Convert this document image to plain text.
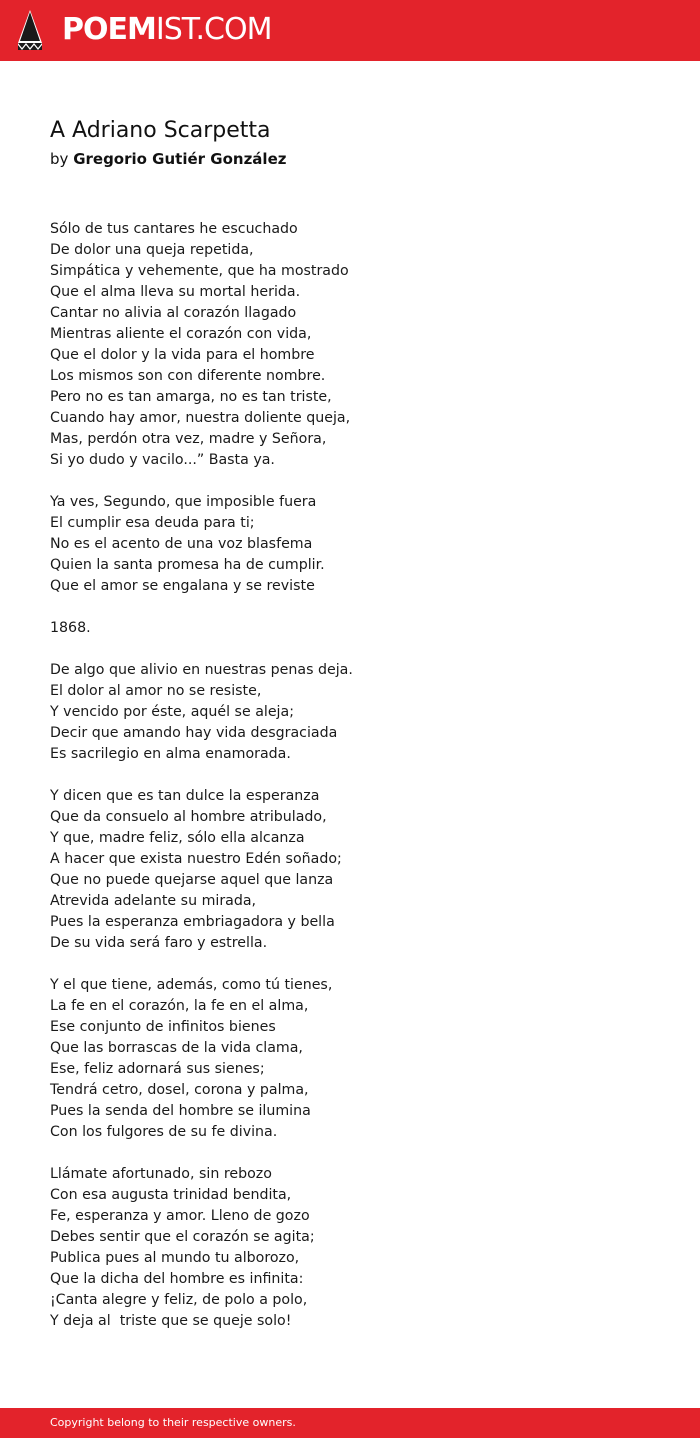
POEMIST.COM
A Adriano Scarpetta
by Gregorio Gutiér González
Sólo de tus cantares he escuchado
De dolor una queja repetida,
Simpática y vehemente, que ha mostrado
Que el alma lleva su mortal herida.
Cantar no alivia al corazón llagado
Mientras aliente el corazón con vida,
Que el dolor y la vida para el hombre
Los mismos son con diferente nombre.
Pero no es tan amarga, no es tan triste,
Cuando hay amor, nuestra doliente queja,
Mas, perdón otra vez, madre y Señora,
Si yo dudo y vacilo...” Basta ya.
Ya ves, Segundo, que imposible fuera
El cumplir esa deuda para ti;
No es el acento de una voz blasfema
Quien la santa promesa ha de cumplir.
Que el amor se engalana y se reviste
1868.
De algo que alivio en nuestras penas deja.
El dolor al amor no se resiste,
Y vencido por éste, aquél se aleja;
Decir que amando hay vida desgraciada
Es sacrilegio en alma enamorada.
Y dicen que es tan dulce la esperanza
Que da consuelo al hombre atribulado,
Y que, madre feliz, sólo ella alcanza
A hacer que exista nuestro Edén soñado;
Que no puede quejarse aquel que lanza
Atrevida adelante su mirada,
Pues la esperanza embriagadora y bella
De su vida será faro y estrella.
Y el que tiene, además, como tú tienes,
La fe en el corazón, la fe en el alma,
Ese conjunto de infinitos bienes
Que las borrascas de la vida clama,
Ese, feliz adornará sus sienes;
Tendrá cetro, dosel, corona y palma,
Pues la senda del hombre se ilumina
Con los fulgores de su fe divina.
Llámate afortunado, sin rebozo
Con esa augusta trinidad bendita,
Fe, esperanza y amor. Lleno de gozo
Debes sentir que el corazón se agita;
Publica pues al mundo tu alborozo,
Que la dicha del hombre es infinita:
¡Canta alegre y feliz, de polo a polo,
Y deja al  triste que se queje solo!
Copyright belong to their respective owners.
